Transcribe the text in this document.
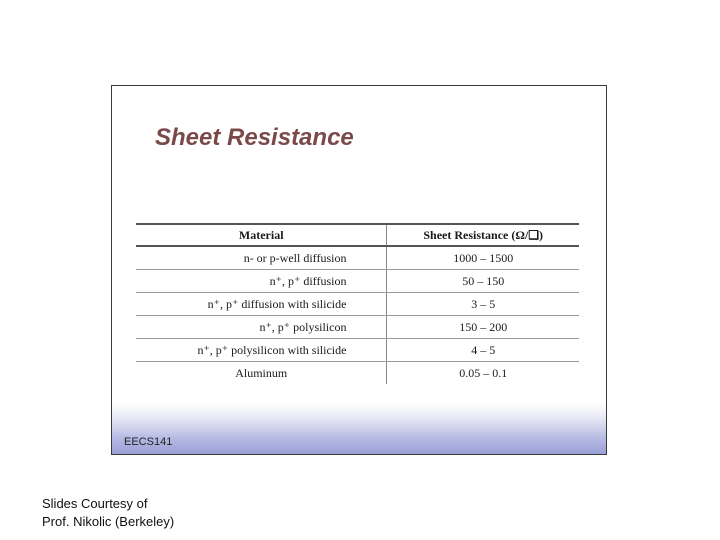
Sheet Resistance
Material	Sheet Resistance (Ω/❑)
n- or p-well diffusion	1000 – 1500
n⁺, p⁺ diffusion	50 – 150
n⁺, p⁺ diffusion with silicide	3 – 5
n⁺, p⁺ polysilicon	150 – 200
n⁺, p⁺ polysilicon with silicide	4 – 5
Aluminum	0.05 – 0.1
EECS141
Slides Courtesy of
Prof. Nikolic (Berkeley)
